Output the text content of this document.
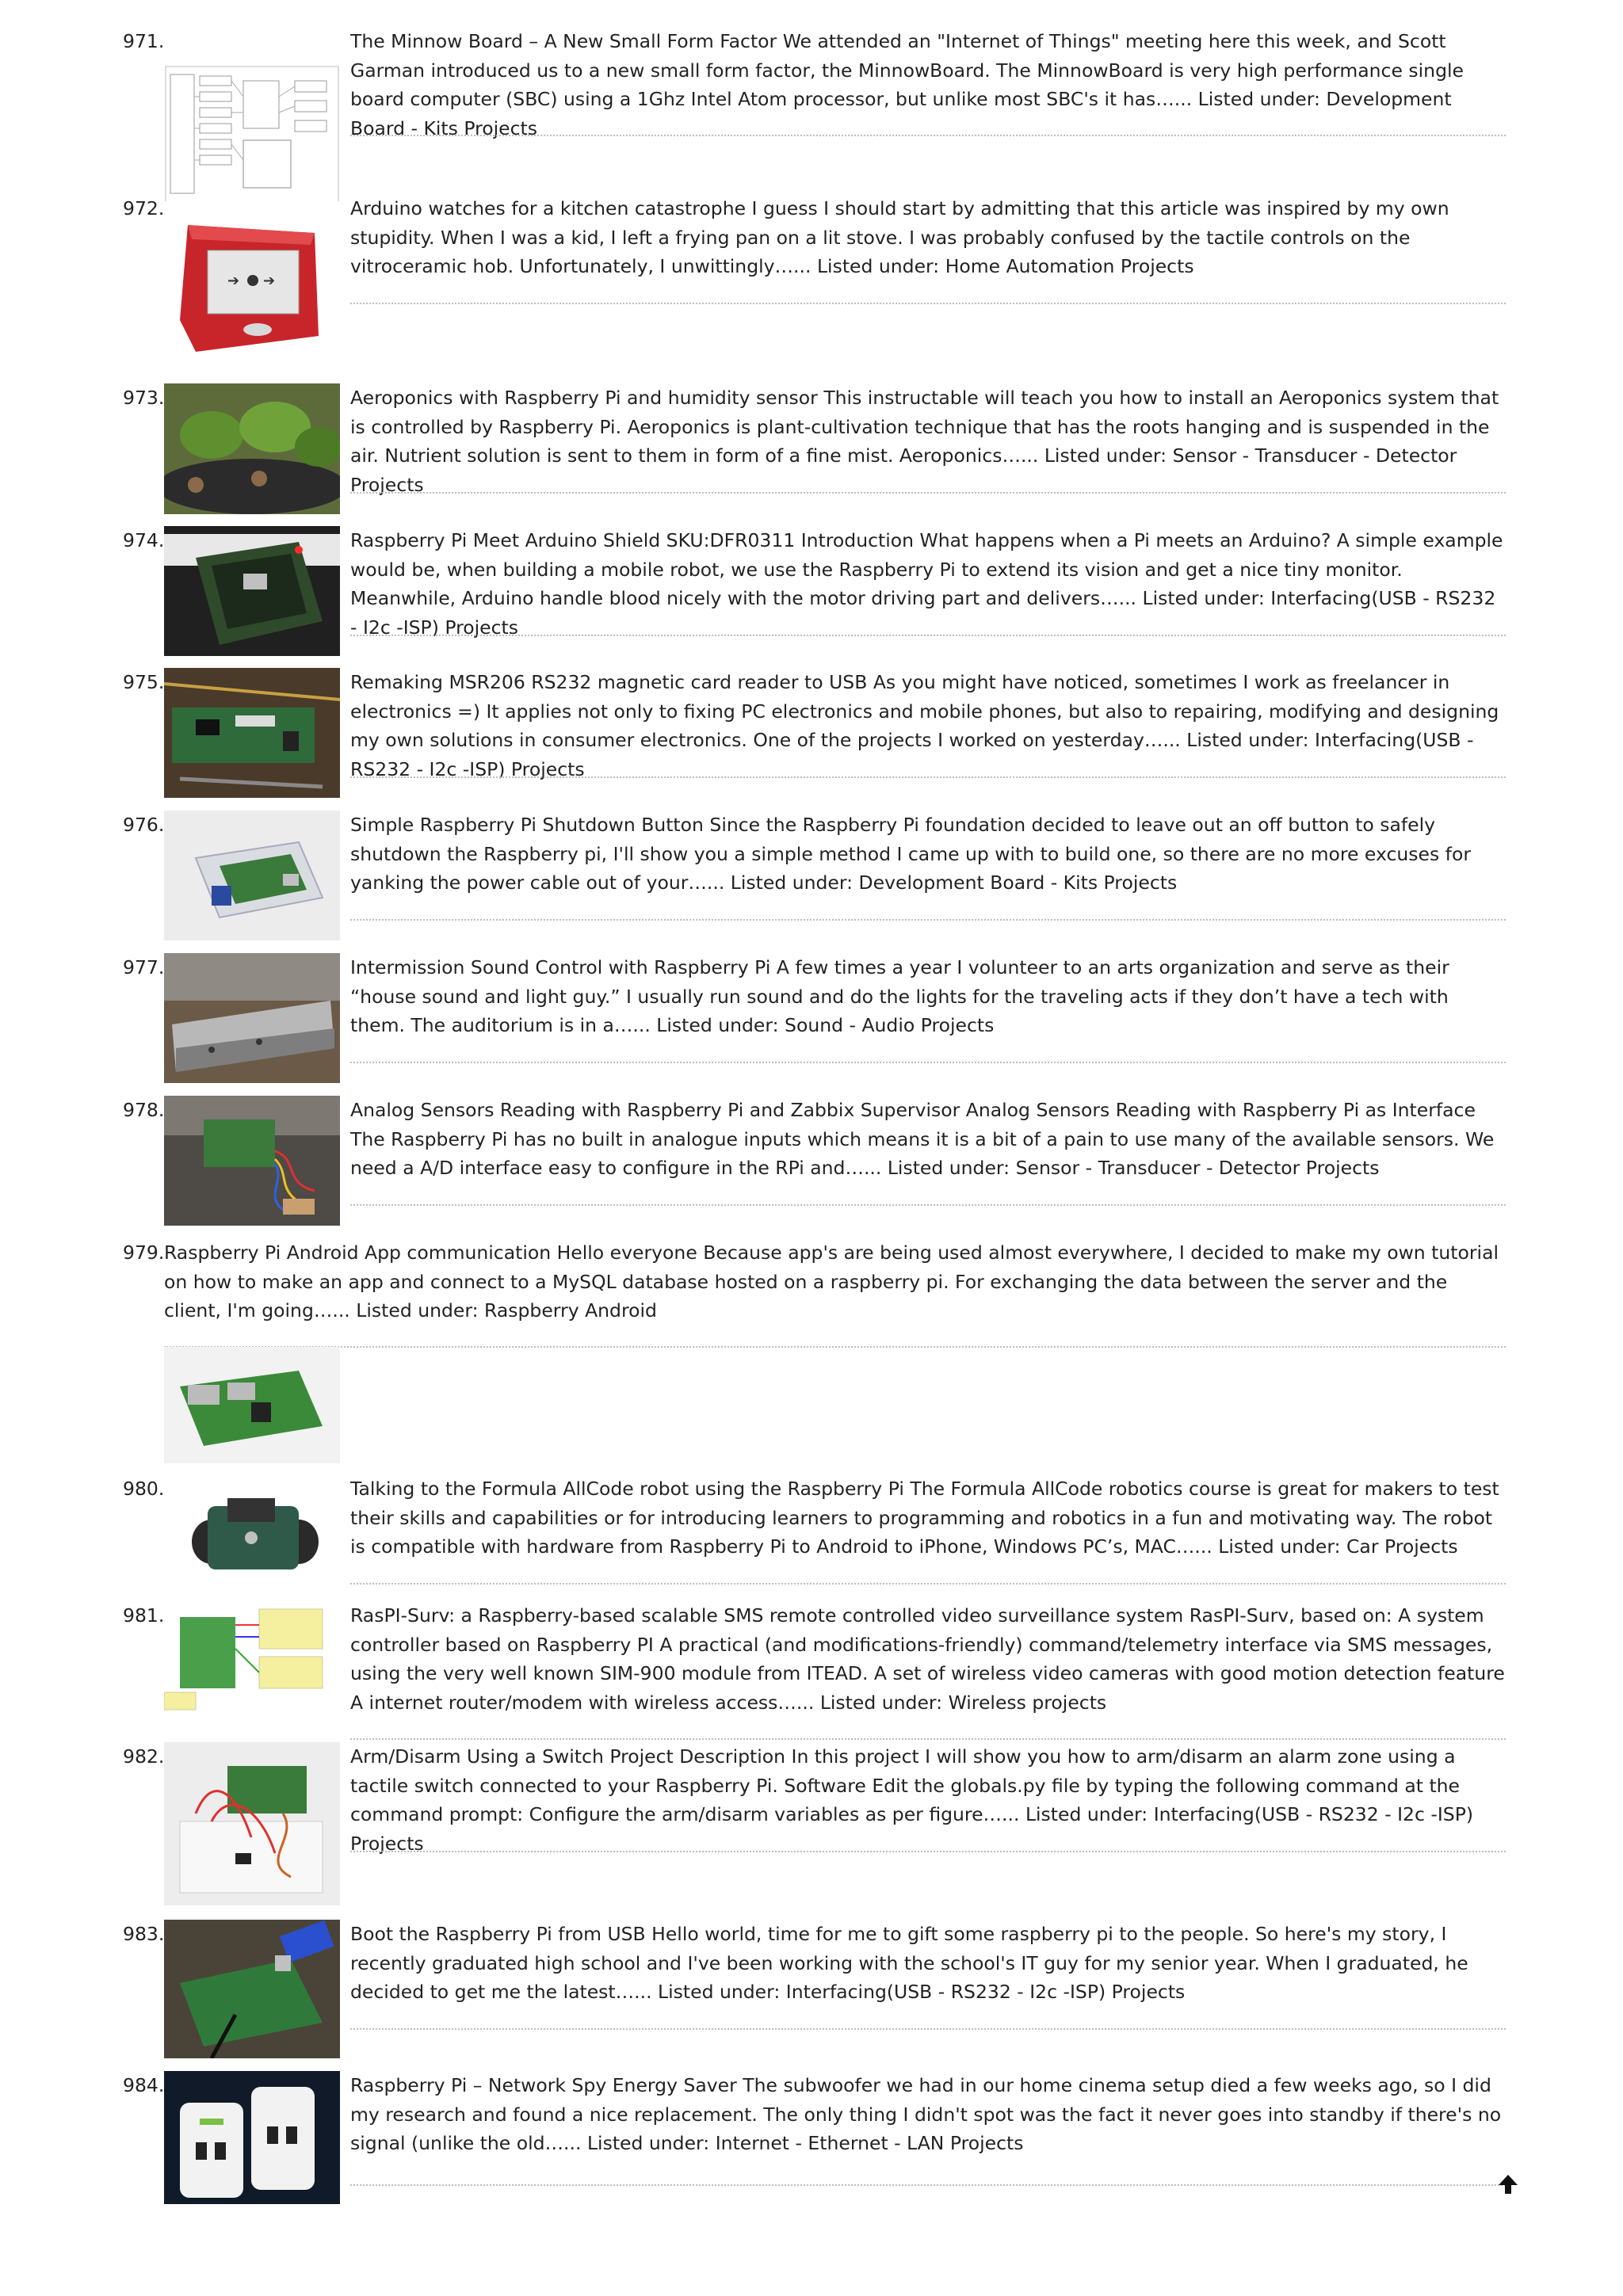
971.	The Minnow Board – A New Small Form Factor We attended an "Internet of Things" meeting here this week, and Scott Garman introduced us to a new small form factor, the MinnowBoard. The MinnowBoard is very high performance single board computer (SBC) using a 1Ghz Intel Atom processor, but unlike most SBC's it has…... Listed under: Development Board - Kits Projects

972.
➔ ➔

Arduino watches for a kitchen catastrophe I guess I should start by admitting that this article was inspired by my own stupidity. When I was a kid, I left a frying pan on a lit stove. I was probably confused by the tactile controls on the vitroceramic hob. Unfortunately, I unwittingly…... Listed under: Home Automation Projects

973.	Aeroponics with Raspberry Pi and humidity sensor This instructable will teach you how to install an Aeroponics system that is controlled by Raspberry Pi. Aeroponics is plant-cultivation technique that has the roots hanging and is suspended in the air. Nutrient solution is sent to them in form of a fine mist. Aeroponics…... Listed under: Sensor - Transducer - Detector Projects

974.	Raspberry Pi Meet Arduino Shield SKU:DFR0311 Introduction What happens when a Pi meets an Arduino? A simple example would be, when building a mobile robot, we use the Raspberry Pi to extend its vision and get a nice tiny monitor. Meanwhile, Arduino handle blood nicely with the motor driving part and delivers…... Listed under: Interfacing(USB - RS232 - I2c -ISP) Projects

975.	Remaking MSR206 RS232 magnetic card reader to USB As you might have noticed, sometimes I work as freelancer in electronics =) It applies not only to fixing PC electronics and mobile phones, but also to repairing, modifying and designing my own solutions in consumer electronics. One of the projects I worked on yesterday…... Listed under: Interfacing(USB - RS232 - I2c -ISP) Projects

976.	Simple Raspberry Pi Shutdown Button Since the Raspberry Pi foundation decided to leave out an off button to safely shutdown the Raspberry pi, I'll show you a simple method I came up with to build one, so there are no more excuses for yanking the power cable out of your…... Listed under: Development Board - Kits Projects

977.	Intermission Sound Control with Raspberry Pi A few times a year I volunteer to an arts organization and serve as their “house sound and light guy.” I usually run sound and do the lights for the traveling acts if they don’t have a tech with them. The auditorium is in a…... Listed under: Sound - Audio Projects

978.	Analog Sensors Reading with Raspberry Pi and Zabbix Supervisor Analog Sensors Reading with Raspberry Pi as Interface The Raspberry Pi has no built in analogue inputs which means it is a bit of a pain to use many of the available sensors. We need a A/D interface easy to configure in the RPi and…... Listed under: Sensor - Transducer - Detector Projects

979. Raspberry Pi Android App communication Hello everyone Because app's are being used almost everywhere, I decided to make my own tutorial on how to make an app and connect to a MySQL database hosted on a raspberry pi. For exchanging the data between the server and the client, I'm going…... Listed under: Raspberry Android

980.	Talking to the Formula AllCode robot using the Raspberry Pi The Formula AllCode robotics course is great for makers to test their skills and capabilities or for introducing learners to programming and robotics in a fun and motivating way. The robot is compatible with hardware from Raspberry Pi to Android to iPhone, Windows PC’s, MAC…... Listed under: Car Projects

981.	RasPI-Surv: a Raspberry-based scalable SMS remote controlled video surveillance system RasPI-Surv, based on: A system controller based on Raspberry PI A practical (and modifications-friendly) command/telemetry interface via SMS messages, using the very well known SIM-900 module from ITEAD. A set of wireless video cameras with good motion detection feature A internet router/modem with wireless access…... Listed under: Wireless projects

982.	Arm/Disarm Using a Switch Project Description In this project I will show you how to arm/disarm an alarm zone using a tactile switch connected to your Raspberry Pi. Software Edit the globals.py file by typing the following command at the command prompt: Configure the arm/disarm variables as per figure…... Listed under: Interfacing(USB - RS232 - I2c -ISP) Projects

983.	Boot the Raspberry Pi from USB Hello world, time for me to gift some raspberry pi to the people. So here's my story, I recently graduated high school and I've been working with the school's IT guy for my senior year. When I graduated, he decided to get me the latest…... Listed under: Interfacing(USB - RS232 - I2c -ISP) Projects

984.	Raspberry Pi – Network Spy Energy Saver The subwoofer we had in our home cinema setup died a few weeks ago, so I did my research and found a nice replacement. The only thing I didn't spot was the fact it never goes into standby if there's no signal (unlike the old…... Listed under: Internet - Ethernet - LAN Projects
